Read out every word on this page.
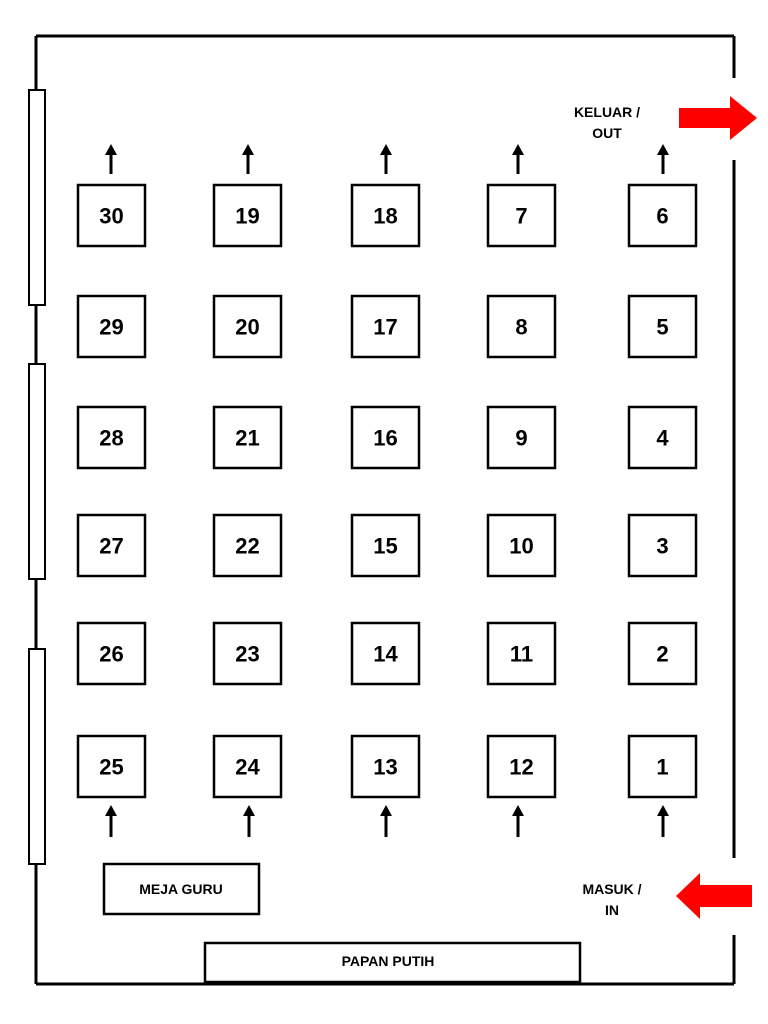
30	19	18	7	6
29	20	17	8	5
28	21	16	9	4
27	22	15	10	3
26	23	14	11	2
25	24	13	12	1
KELUAR /
OUT
MASUK /
IN
MEJA GURU
PAPAN PUTIH
